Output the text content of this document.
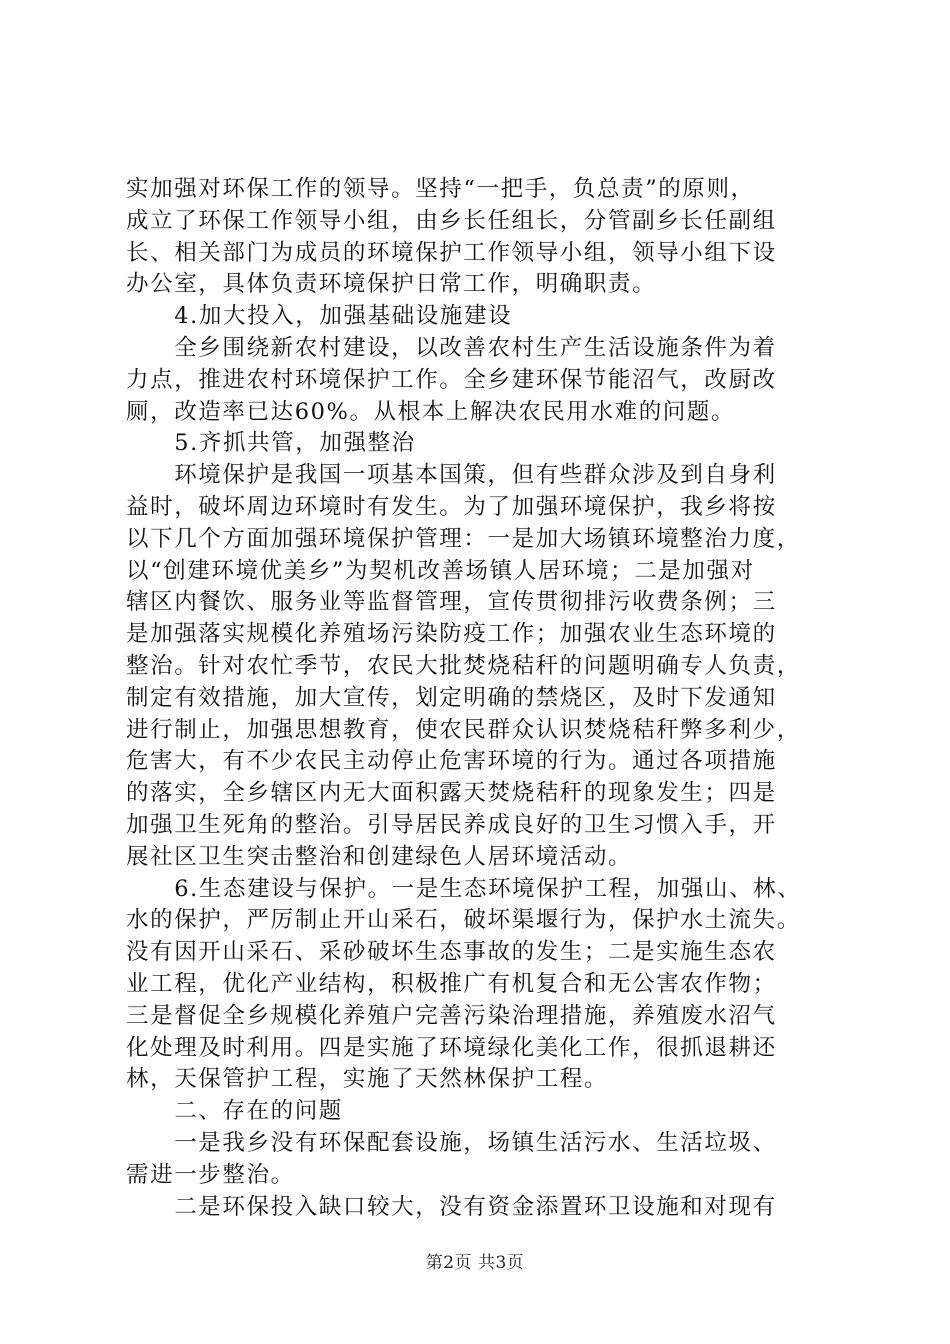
实加强对环保工作的领导。坚持“一把手，负总责”的原则，
成立了环保工作领导小组，由乡长任组长，分管副乡长任副组
长、相关部门为成员的环境保护工作领导小组，领导小组下设
办公室，具体负责环境保护日常工作，明确职责。
　　4.加大投入，加强基础设施建设
　　全乡围绕新农村建设，以改善农村生产生活设施条件为着
力点，推进农村环境保护工作。全乡建环保节能沼气，改厨改
厕，改造率已达60%。从根本上解决农民用水难的问题。
　　5.齐抓共管，加强整治
　　环境保护是我国一项基本国策，但有些群众涉及到自身利
益时，破坏周边环境时有发生。为了加强环境保护，我乡将按
以下几个方面加强环境保护管理：一是加大场镇环境整治力度，
以“创建环境优美乡”为契机改善场镇人居环境；二是加强对
辖区内餐饮、服务业等监督管理，宣传贯彻排污收费条例；三
是加强落实规模化养殖场污染防疫工作；加强农业生态环境的
整治。针对农忙季节，农民大批焚烧秸秆的问题明确专人负责，
制定有效措施，加大宣传，划定明确的禁烧区，及时下发通知
进行制止，加强思想教育，使农民群众认识焚烧秸秆弊多利少，
危害大，有不少农民主动停止危害环境的行为。通过各项措施
的落实，全乡辖区内无大面积露天焚烧秸秆的现象发生；四是
加强卫生死角的整治。引导居民养成良好的卫生习惯入手，开
展社区卫生突击整治和创建绿色人居环境活动。
　　6.生态建设与保护。一是生态环境保护工程，加强山、林、
水的保护，严厉制止开山采石，破坏渠堰行为，保护水土流失。
没有因开山采石、采砂破坏生态事故的发生；二是实施生态农
业工程，优化产业结构，积极推广有机复合和无公害农作物；
三是督促全乡规模化养殖户完善污染治理措施，养殖废水沼气
化处理及时利用。四是实施了环境绿化美化工作，很抓退耕还
林，天保管护工程，实施了天然林保护工程。
　　二、存在的问题
　　一是我乡没有环保配套设施，场镇生活污水、生活垃圾、
需进一步整治。
　　二是环保投入缺口较大，没有资金添置环卫设施和对现有
第2页 共3页
